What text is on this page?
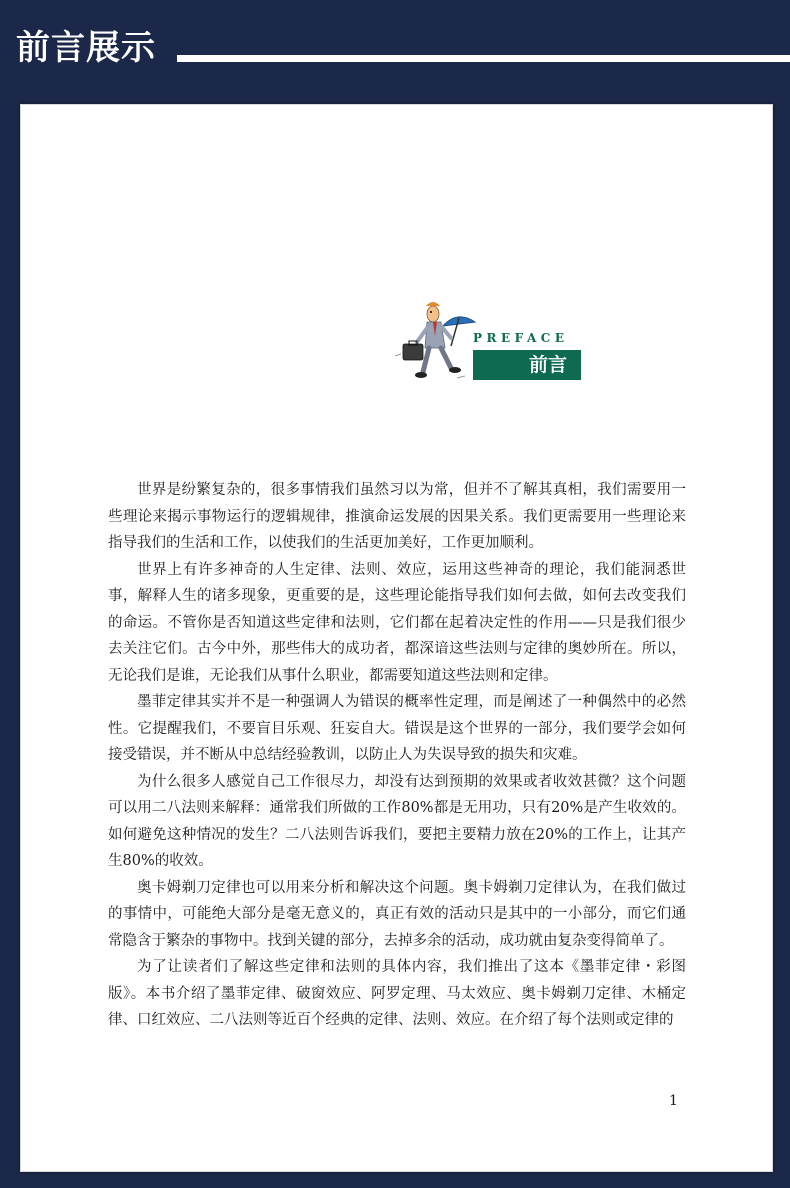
前言展示
PREFACE
前言

世界是纷繁复杂的，很多事情我们虽然习以为常，但并不了解其真相，我们需要用一些理论来揭示事物运行的逻辑规律，推演命运发展的因果关系。我们更需要用一些理论来指导我们的生活和工作，以使我们的生活更加美好，工作更加顺利。

世界上有许多神奇的人生定律、法则、效应，运用这些神奇的理论，我们能洞悉世事，解释人生的诸多现象，更重要的是，这些理论能指导我们如何去做，如何去改变我们的命运。不管你是否知道这些定律和法则，它们都在起着决定性的作用——只是我们很少去关注它们。古今中外，那些伟大的成功者，都深谙这些法则与定律的奥妙所在。所以，无论我们是谁，无论我们从事什么职业，都需要知道这些法则和定律。

墨菲定律其实并不是一种强调人为错误的概率性定理，而是阐述了一种偶然中的必然性。它提醒我们，不要盲目乐观、狂妄自大。错误是这个世界的一部分，我们要学会如何接受错误，并不断从中总结经验教训，以防止人为失误导致的损失和灾难。

为什么很多人感觉自己工作很尽力，却没有达到预期的效果或者收效甚微？这个问题可以用二八法则来解释：通常我们所做的工作80%都是无用功，只有20%是产生收效的。如何避免这种情况的发生？二八法则告诉我们，要把主要精力放在20%的工作上，让其产生80%的收效。

奥卡姆剃刀定律也可以用来分析和解决这个问题。奥卡姆剃刀定律认为，在我们做过的事情中，可能绝大部分是毫无意义的，真正有效的活动只是其中的一小部分，而它们通常隐含于繁杂的事物中。找到关键的部分，去掉多余的活动，成功就由复杂变得简单了。

为了让读者们了解这些定律和法则的具体内容，我们推出了这本《墨菲定律・彩图版》。本书介绍了墨菲定律、破窗效应、阿罗定理、马太效应、奥卡姆剃刀定律、木桶定律、口红效应、二八法则等近百个经典的定律、法则、效应。在介绍了每个法则或定律的

1
